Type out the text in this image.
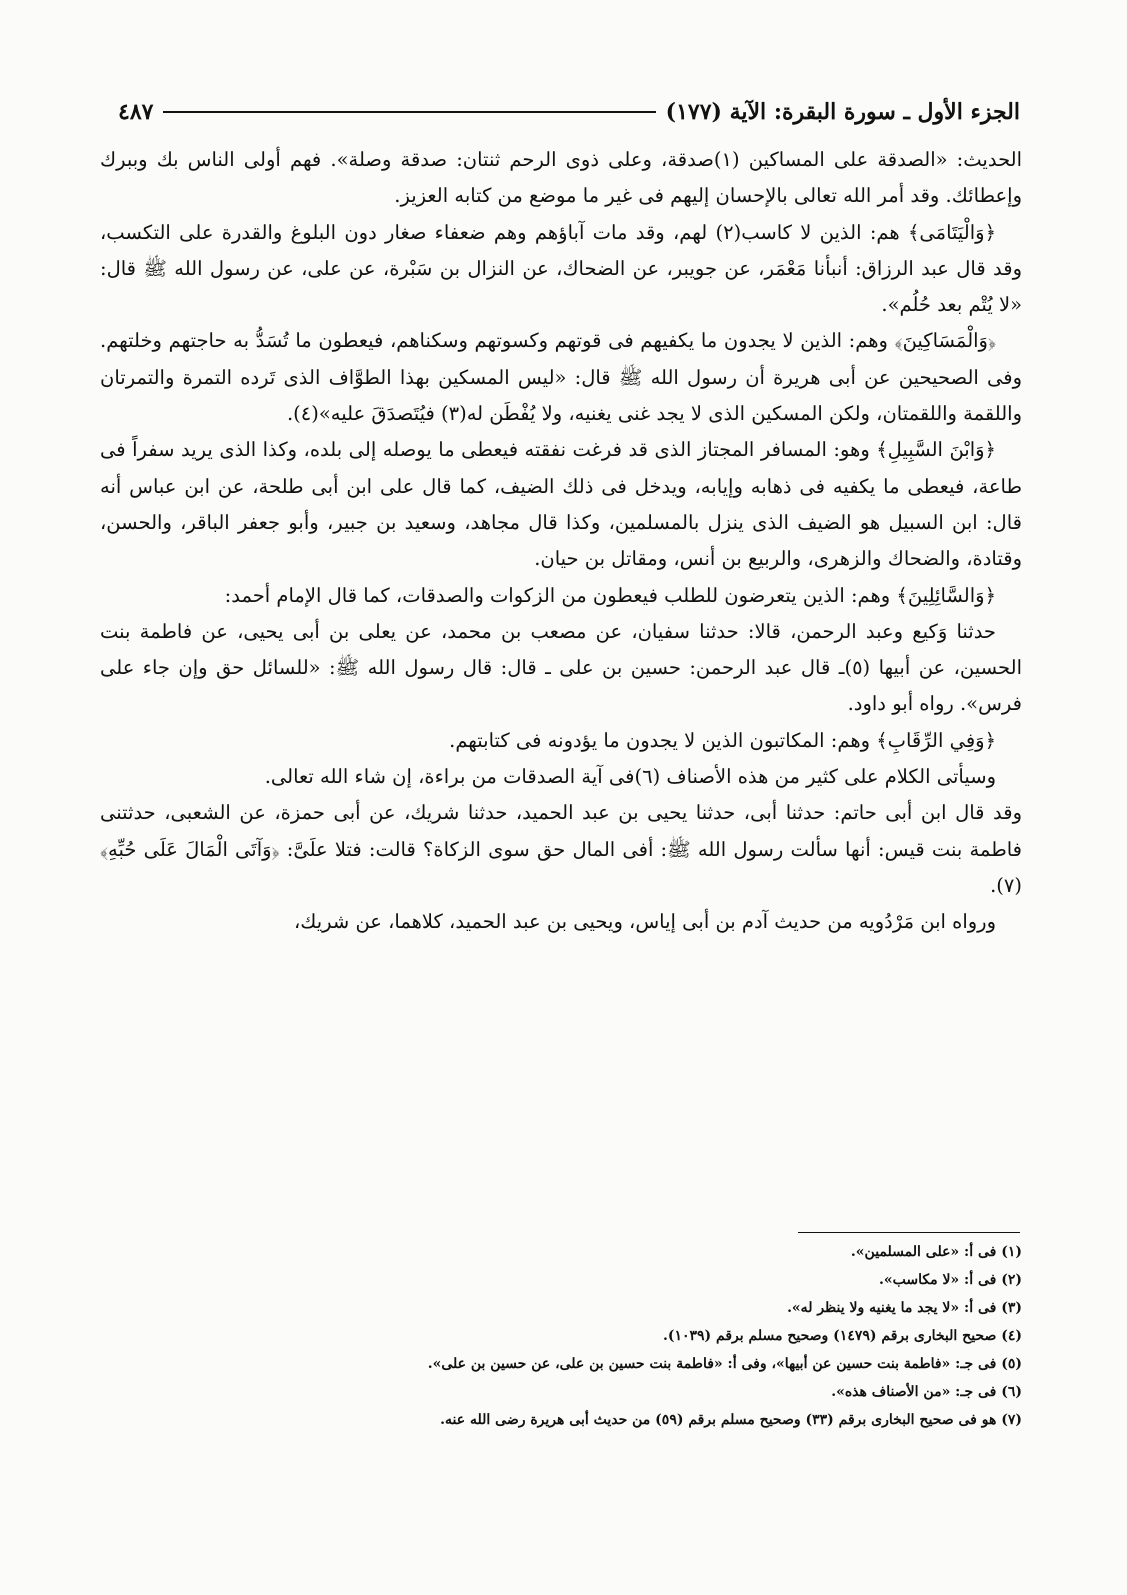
الجزء الأول ـ سورة البقرة: الآية (١٧٧)
٤٨٧

الحديث: «الصدقة على المساكين (١)صدقة، وعلى ذوى الرحم ثنتان: صدقة وصلة». فهم أولى الناس بك وببرك وإعطائك. وقد أمر الله تعالى بالإحسان إليهم فى غير ما موضع من كتابه العزيز.

﴿وَالْيَتَامَى﴾ هم: الذين لا كاسب(٢) لهم، وقد مات آباؤهم وهم ضعفاء صغار دون البلوغ والقدرة على التكسب، وقد قال عبد الرزاق: أنبأنا مَعْمَر، عن جويبر، عن الضحاك، عن النزال بن سَبْرة، عن على، عن رسول الله ﷺ قال: «لا يُتْم بعد حُلُم».

﴿وَالْمَسَاكِينَ﴾ وهم: الذين لا يجدون ما يكفيهم فى قوتهم وكسوتهم وسكناهم، فيعطون ما تُسَدُّ به حاجتهم وخلتهم. وفى الصحيحين عن أبى هريرة أن رسول الله ﷺ قال: «ليس المسكين بهذا الطوَّاف الذى تَرده التمرة والتمرتان واللقمة واللقمتان، ولكن المسكين الذى لا يجد غنى يغنيه، ولا يُفْطَن له(٣) فيُتَصدَقَ عليه»(٤).

﴿وَابْنَ السَّبِيلِ﴾ وهو: المسافر المجتاز الذى قد فرغت نفقته فيعطى ما يوصله إلى بلده، وكذا الذى يريد سفراً فى طاعة، فيعطى ما يكفيه فى ذهابه وإيابه، ويدخل فى ذلك الضيف، كما قال على ابن أبى طلحة، عن ابن عباس أنه قال: ابن السبيل هو الضيف الذى ينزل بالمسلمين، وكذا قال مجاهد، وسعيد بن جبير، وأبو جعفر الباقر، والحسن، وقتادة، والضحاك والزهرى، والربيع بن أنس، ومقاتل بن حيان.

﴿وَالسَّائِلِينَ﴾ وهم: الذين يتعرضون للطلب فيعطون من الزكوات والصدقات، كما قال الإمام أحمد:

حدثنا وَكيع وعبد الرحمن، قالا: حدثنا سفيان، عن مصعب بن محمد، عن يعلى بن أبى يحيى، عن فاطمة بنت الحسين، عن أبيها (٥)ـ قال عبد الرحمن: حسين بن على ـ قال: قال رسول الله ﷺ: «للسائل حق وإن جاء على فرس». رواه أبو داود.

﴿وَفِي الرِّقَابِ﴾ وهم: المكاتبون الذين لا يجدون ما يؤدونه فى كتابتهم.

وسيأتى الكلام على كثير من هذه الأصناف (٦)فى آية الصدقات من براءة، إن شاء الله تعالى.

وقد قال ابن أبى حاتم: حدثنا أبى، حدثنا يحيى بن عبد الحميد، حدثنا شريك، عن أبى حمزة، عن الشعبى، حدثتنى فاطمة بنت قيس: أنها سألت رسول الله ﷺ: أفى المال حق سوى الزكاة؟ قالت: فتلا علَىَّ: ﴿وَآتَى الْمَالَ عَلَى حُبِّهِ﴾(٧).

ورواه ابن مَرْدُويه من حديث آدم بن أبى إياس، ويحيى بن عبد الحميد، كلاهما، عن شريك،

(١) فى أ: «على المسلمين».
(٢) فى أ: «لا مكاسب».
(٣) فى أ: «لا يجد ما يغنيه ولا ينظر له».
(٤) صحيح البخارى برقم (١٤٧٩) وصحيح مسلم برقم (١٠٣٩).
(٥) فى جـ: «فاطمة بنت حسين عن أبيها»، وفى أ: «فاطمة بنت حسين بن على، عن حسين بن على».
(٦) فى جـ: «من الأصناف هذه».
(٧) هو فى صحيح البخارى برقم (٣٣) وصحيح مسلم برقم (٥٩) من حديث أبى هريرة رضى الله عنه.
